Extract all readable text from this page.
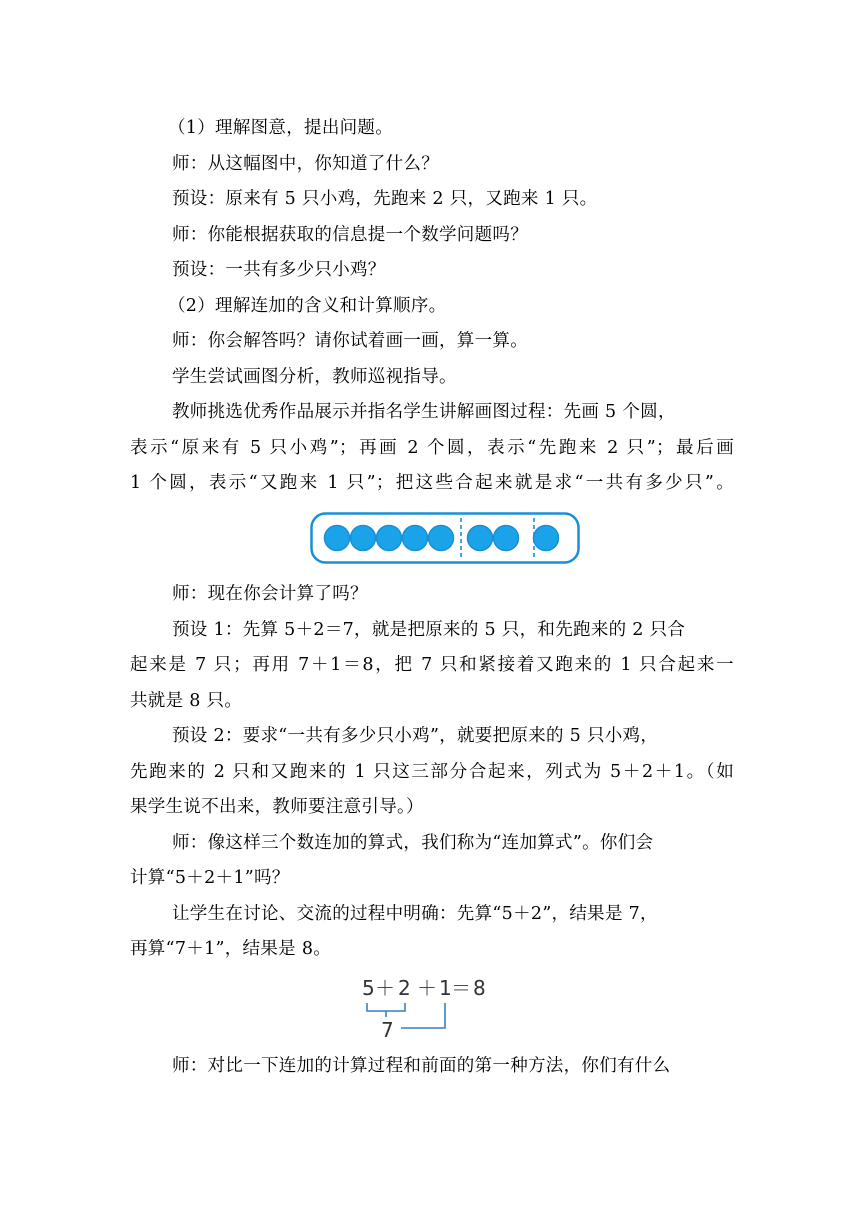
（1）理解图意，提出问题。
师：从这幅图中，你知道了什么？
预设：原来有 5 只小鸡，先跑来 2 只，又跑来 1 只。
师：你能根据获取的信息提一个数学问题吗？
预设：一共有多少只小鸡？
（2）理解连加的含义和计算顺序。
师：你会解答吗？请你试着画一画，算一算。
学生尝试画图分析，教师巡视指导。
教师挑选优秀作品展示并指名学生讲解画图过程：先画 5 个圆，
表示“原来有 5 只小鸡”；再画 2 个圆，表示“先跑来 2 只”；最后画
1 个圆，表示“又跑来 1 只”；把这些合起来就是求“一共有多少只”。
师：现在你会计算了吗？
预设 1：先算 5＋2＝7，就是把原来的 5 只，和先跑来的 2 只合
起来是 7 只；再用 7＋1＝8，把 7 只和紧接着又跑来的 1 只合起来一
共就是 8 只。
预设 2：要求“一共有多少只小鸡”，就要把原来的 5 只小鸡，
先跑来的 2 只和又跑来的 1 只这三部分合起来，列式为 5＋2＋1。（如
果学生说不出来，教师要注意引导。）
师：像这样三个数连加的算式，我们称为“连加算式”。你们会
计算“5＋2＋1”吗？
让学生在讨论、交流的过程中明确：先算“5＋2”，结果是 7，
再算“7＋1”，结果是 8。
5 ＋ 2 ＋ 1 ＝ 8
7
师：对比一下连加的计算过程和前面的第一种方法，你们有什么
